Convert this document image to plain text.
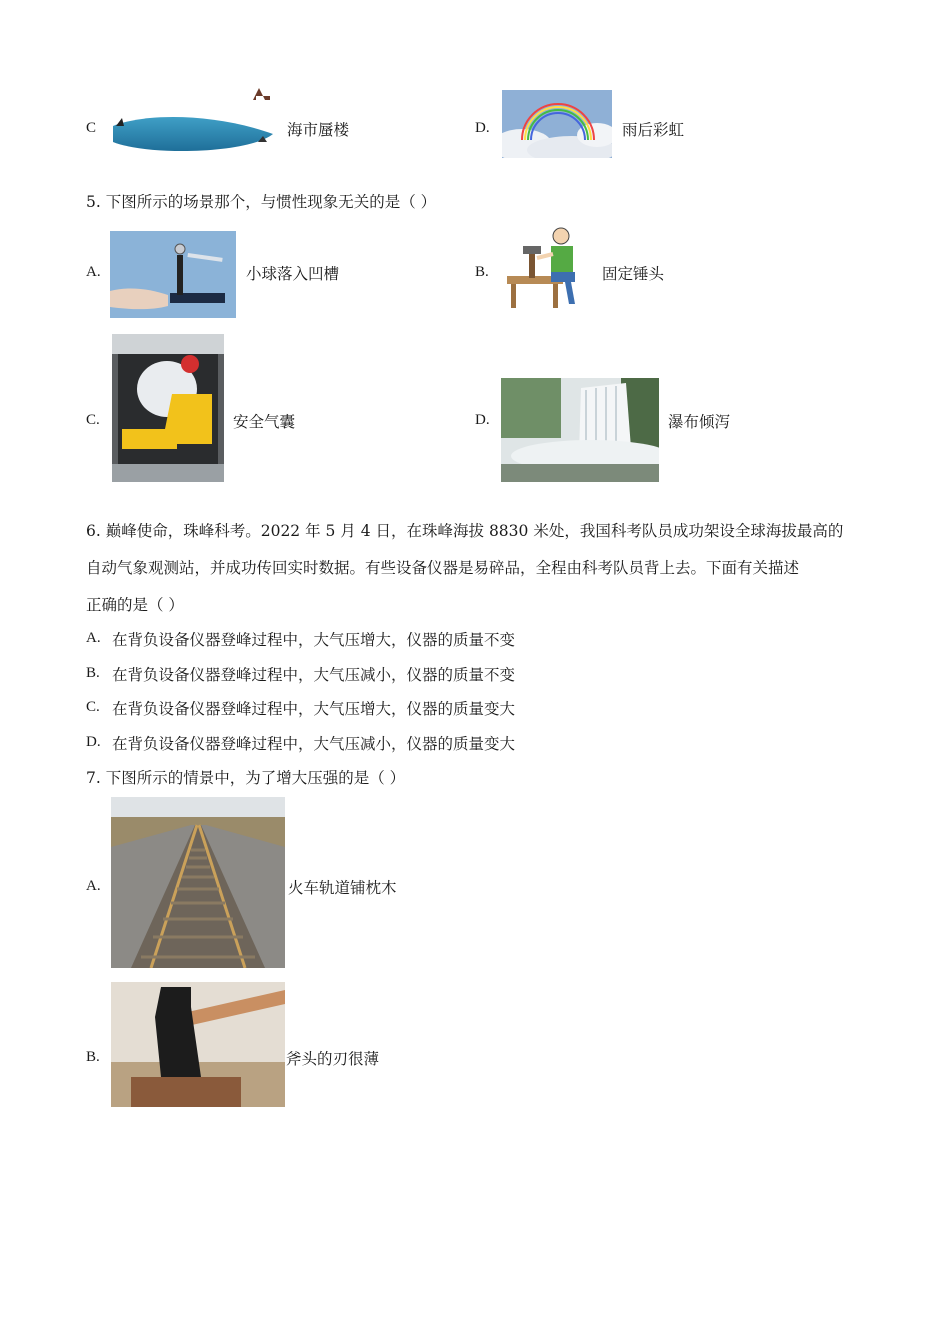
C	海市蜃楼	D.	雨后彩虹
5. 下图所示的场景那个，与惯性现象无关的是（ ）
A.	小球落入凹槽	B.	固定锤头
C.	安全气囊	D.	瀑布倾泻
6. 巅峰使命，珠峰科考。2022 年 5 月 4 日，在珠峰海拔 8830 米处，我国科考队员成功架设全球海拔最高的
自动气象观测站，并成功传回实时数据。有些设备仪器是易碎品，全程由科考队员背上去。下面有关描述
正确的是（ ）
A. 在背负设备仪器登峰过程中，大气压增大，仪器的质量不变
B. 在背负设备仪器登峰过程中，大气压减小，仪器的质量不变
C. 在背负设备仪器登峰过程中，大气压增大，仪器的质量变大
D. 在背负设备仪器登峰过程中，大气压减小，仪器的质量变大
7. 下图所示的情景中，为了增大压强的是（ ）
A.	火车轨道铺枕木
B.	斧头的刃很薄
